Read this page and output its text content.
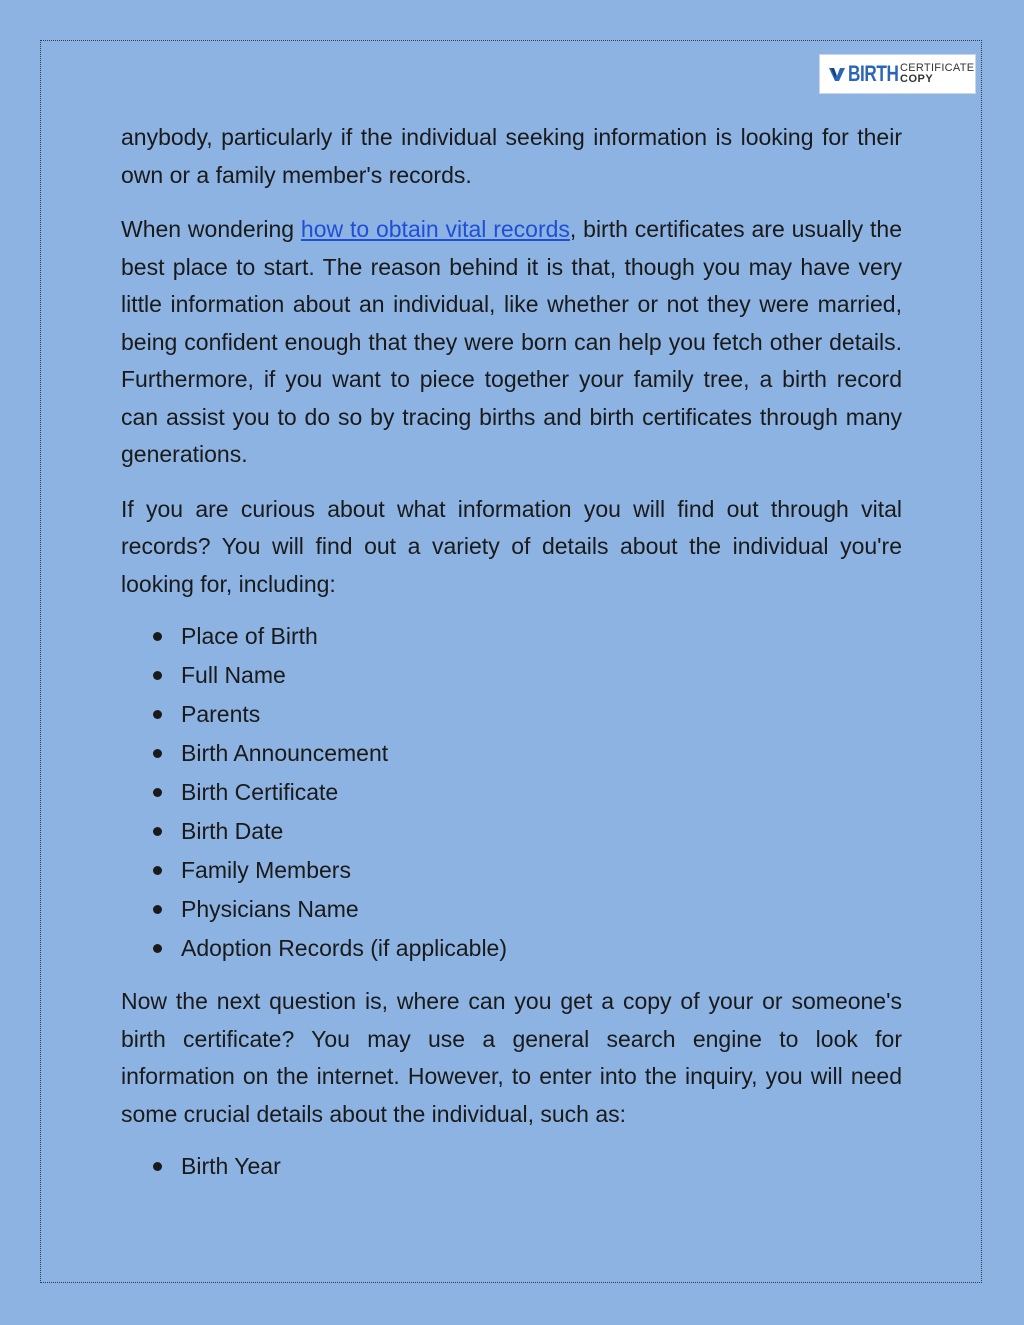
BIRTH CERTIFICATE
COPY

anybody, particularly if the individual seeking information is looking for their own or a family member's records.

When wondering how to obtain vital records, birth certificates are usually the best place to start. The reason behind it is that, though you may have very little information about an individual, like whether or not they were married, being confident enough that they were born can help you fetch other details. Furthermore, if you want to piece together your family tree, a birth record can assist you to do so by tracing births and birth certificates through many generations.

If you are curious about what information you will find out through vital records? You will find out a variety of details about the individual you're looking for, including:

Place of Birth
Full Name
Parents
Birth Announcement
Birth Certificate
Birth Date
Family Members
Physicians Name
Adoption Records (if applicable)

Now the next question is, where can you get a copy of your or someone's birth certificate? You may use a general search engine to look for information on the internet. However, to enter into the inquiry, you will need some crucial details about the individual, such as:

Birth Year
